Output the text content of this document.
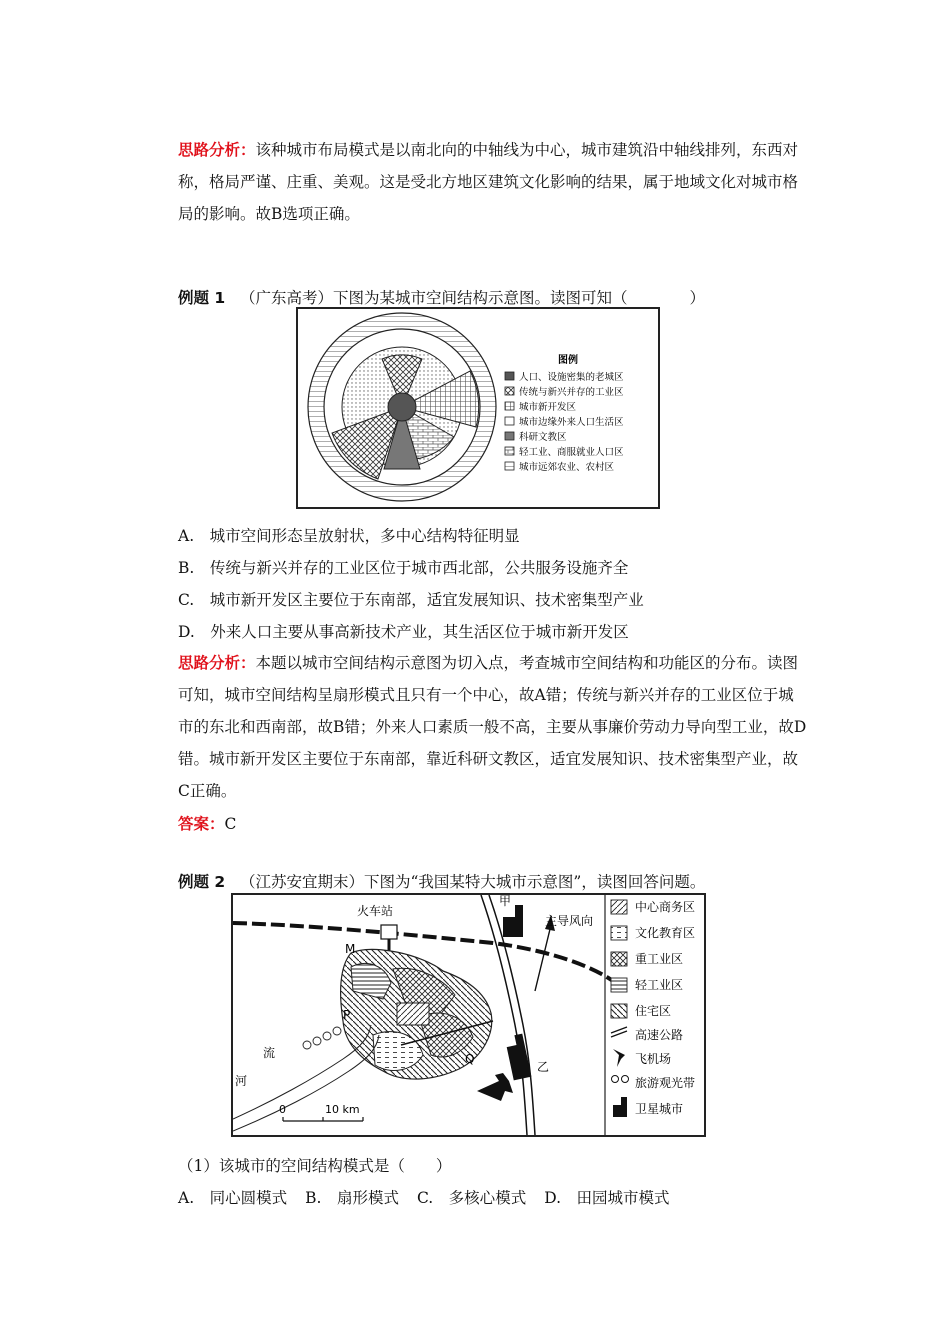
思路分析：该种城市布局模式是以南北向的中轴线为中心，城市建筑沿中轴线排列，东西对称，格局严谨、庄重、美观。这是受北方地区建筑文化影响的结果，属于地域文化对城市格局的影响。故B选项正确。

例题 1 （广东高考）下图为某城市空间结构示意图。读图可知（　　　　）

图例
人口、设施密集的老城区
传统与新兴并存的工业区
城市新开发区
城市边缘外来人口生活区
科研文教区
轻工业、商服就业人口区
城市远郊农业、农村区

A.　城市空间形态呈放射状，多中心结构特征明显

B.　传统与新兴并存的工业区位于城市西北部，公共服务设施齐全

C.　城市新开发区主要位于东南部，适宜发展知识、技术密集型产业

D.　外来人口主要从事高新技术产业，其生活区位于城市新开发区

思路分析：本题以城市空间结构示意图为切入点，考查城市空间结构和功能区的分布。读图可知，城市空间结构呈扇形模式且只有一个中心，故A错；传统与新兴并存的工业区位于城市的东北和西南部，故B错；外来人口素质一般不高，主要从事廉价劳动力导向型工业，故D错。城市新开发区主要位于东南部，靠近科研文教区，适宜发展知识、技术密集型产业，故C正确。

答案：C

例题 2 （江苏安宜期末）下图为“我国某特大城市示意图”，读图回答问题。

火车站
主导风向
甲
乙
河
流
M
P
Q
0	10 km
中心商务区
文化教育区
重工业区
轻工业区
住宅区
高速公路
飞机场
旅游观光带
卫星城市

（1）该城市的空间结构模式是（　　）

A.　同心圆模式 B.　扇形模式 C.　多核心模式 D.　田园城市模式
